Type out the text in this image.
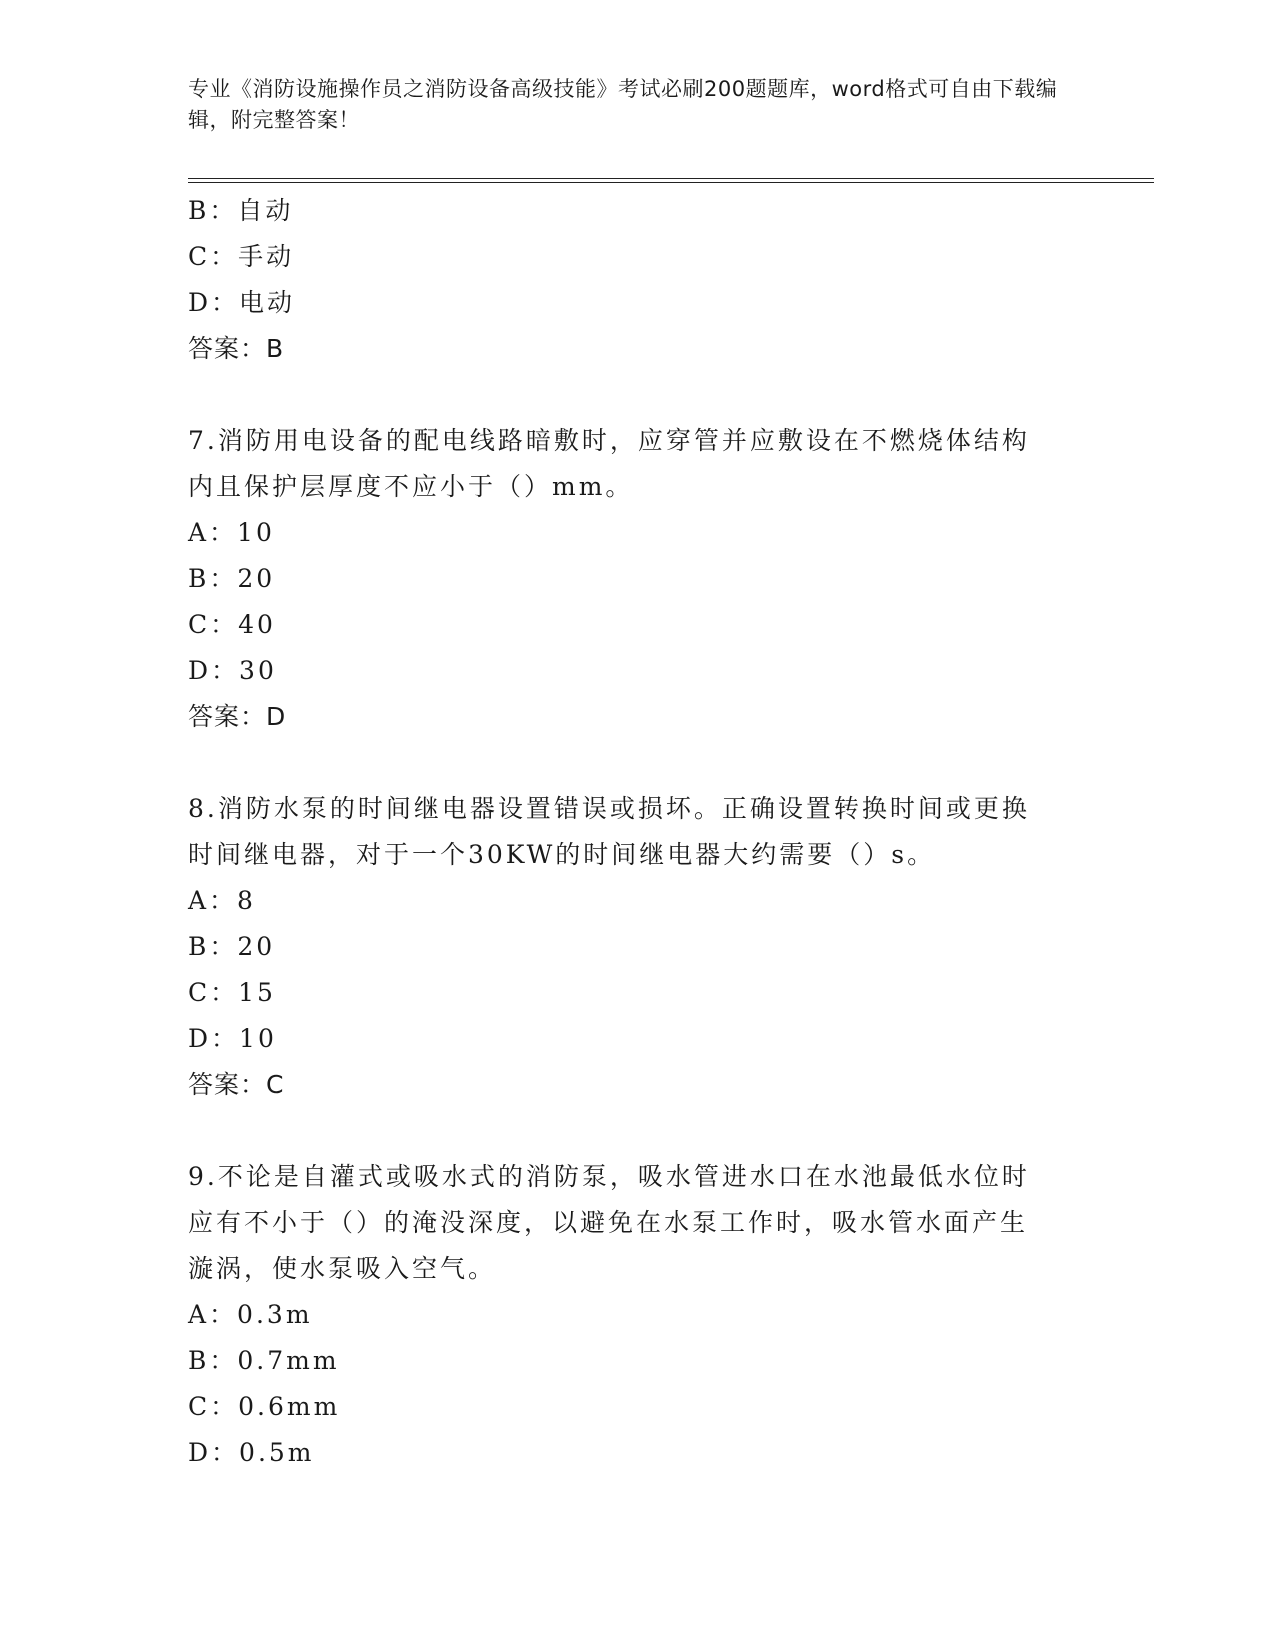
专业《消防设施操作员之消防设备高级技能》考试必刷200题题库，word格式可自由下载编辑，附完整答案！
B：自动
C：手动
D：电动
答案：B
7.消防用电设备的配电线路暗敷时，应穿管并应敷设在不燃烧体结构
内且保护层厚度不应小于（）mm。
A：10
B：20
C：40
D：30
答案：D
8.消防水泵的时间继电器设置错误或损坏。正确设置转换时间或更换
时间继电器，对于一个30KW的时间继电器大约需要（）s。
A：8
B：20
C：15
D：10
答案：C
9.不论是自灌式或吸水式的消防泵，吸水管进水口在水池最低水位时
应有不小于（）的淹没深度，以避免在水泵工作时，吸水管水面产生
漩涡，使水泵吸入空气。
A：0.3m
B：0.7mm
C：0.6mm
D：0.5m
